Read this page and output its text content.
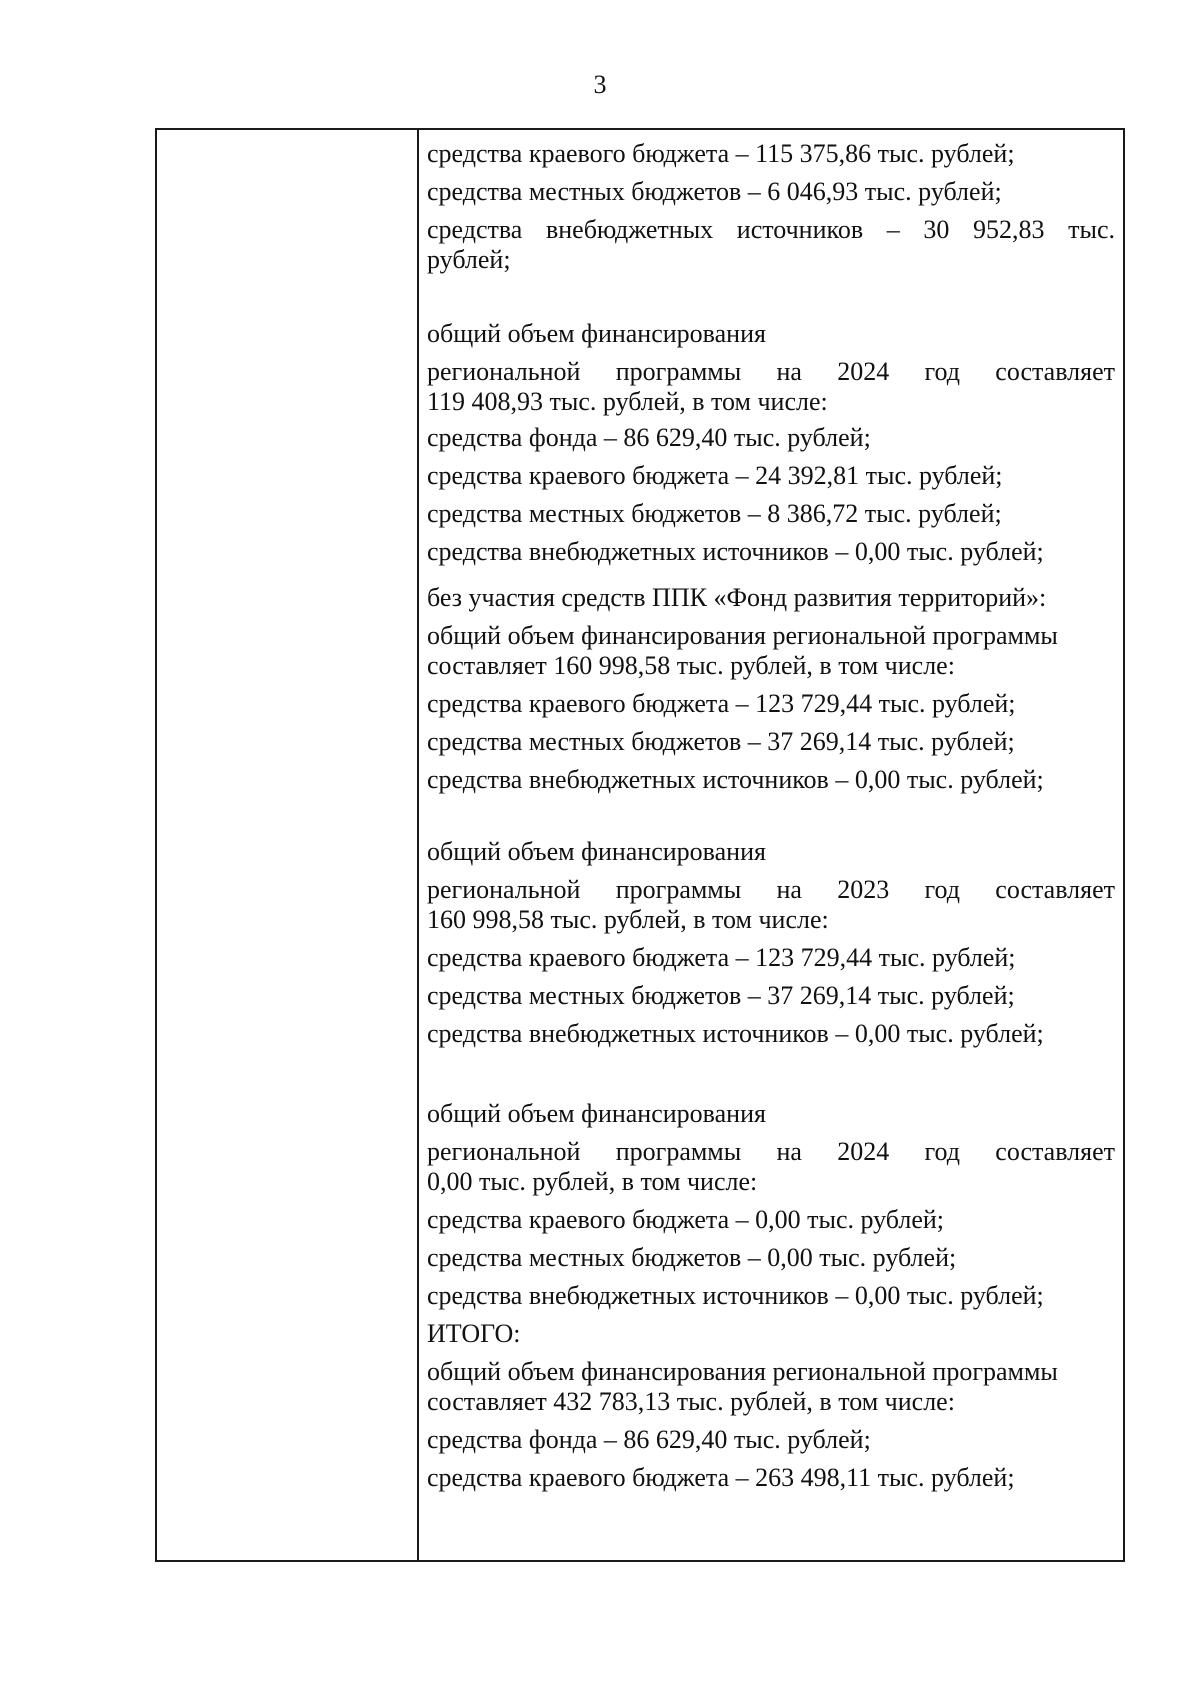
3
средства краевого бюджета – 115 375,86 тыс. рублей;
средства местных бюджетов – 6 046,93 тыс. рублей;
средства внебюджетных источников – 30 952,83 тыс.
рублей;
общий объем финансирования
региональной программы на 2024 год составляет
119 408,93 тыс. рублей, в том числе:
средства фонда – 86 629,40 тыс. рублей;
средства краевого бюджета – 24 392,81 тыс. рублей;
средства местных бюджетов – 8 386,72 тыс. рублей;
средства внебюджетных источников – 0,00 тыс. рублей;
без участия средств ППК «Фонд развития территорий»:
общий объем финансирования региональной программы
составляет 160 998,58 тыс. рублей, в том числе:
средства краевого бюджета – 123 729,44 тыс. рублей;
средства местных бюджетов – 37 269,14 тыс. рублей;
средства внебюджетных источников – 0,00 тыс. рублей;
общий объем финансирования
региональной программы на 2023 год составляет
160 998,58 тыс. рублей, в том числе:
средства краевого бюджета – 123 729,44 тыс. рублей;
средства местных бюджетов – 37 269,14 тыс. рублей;
средства внебюджетных источников – 0,00 тыс. рублей;
общий объем финансирования
региональной программы на 2024 год составляет
0,00 тыс. рублей, в том числе:
средства краевого бюджета – 0,00 тыс. рублей;
средства местных бюджетов – 0,00 тыс. рублей;
средства внебюджетных источников – 0,00 тыс. рублей;
ИТОГО:
общий объем финансирования региональной программы
составляет 432 783,13 тыс. рублей, в том числе:
средства фонда – 86 629,40 тыс. рублей;
средства краевого бюджета – 263 498,11 тыс. рублей;
